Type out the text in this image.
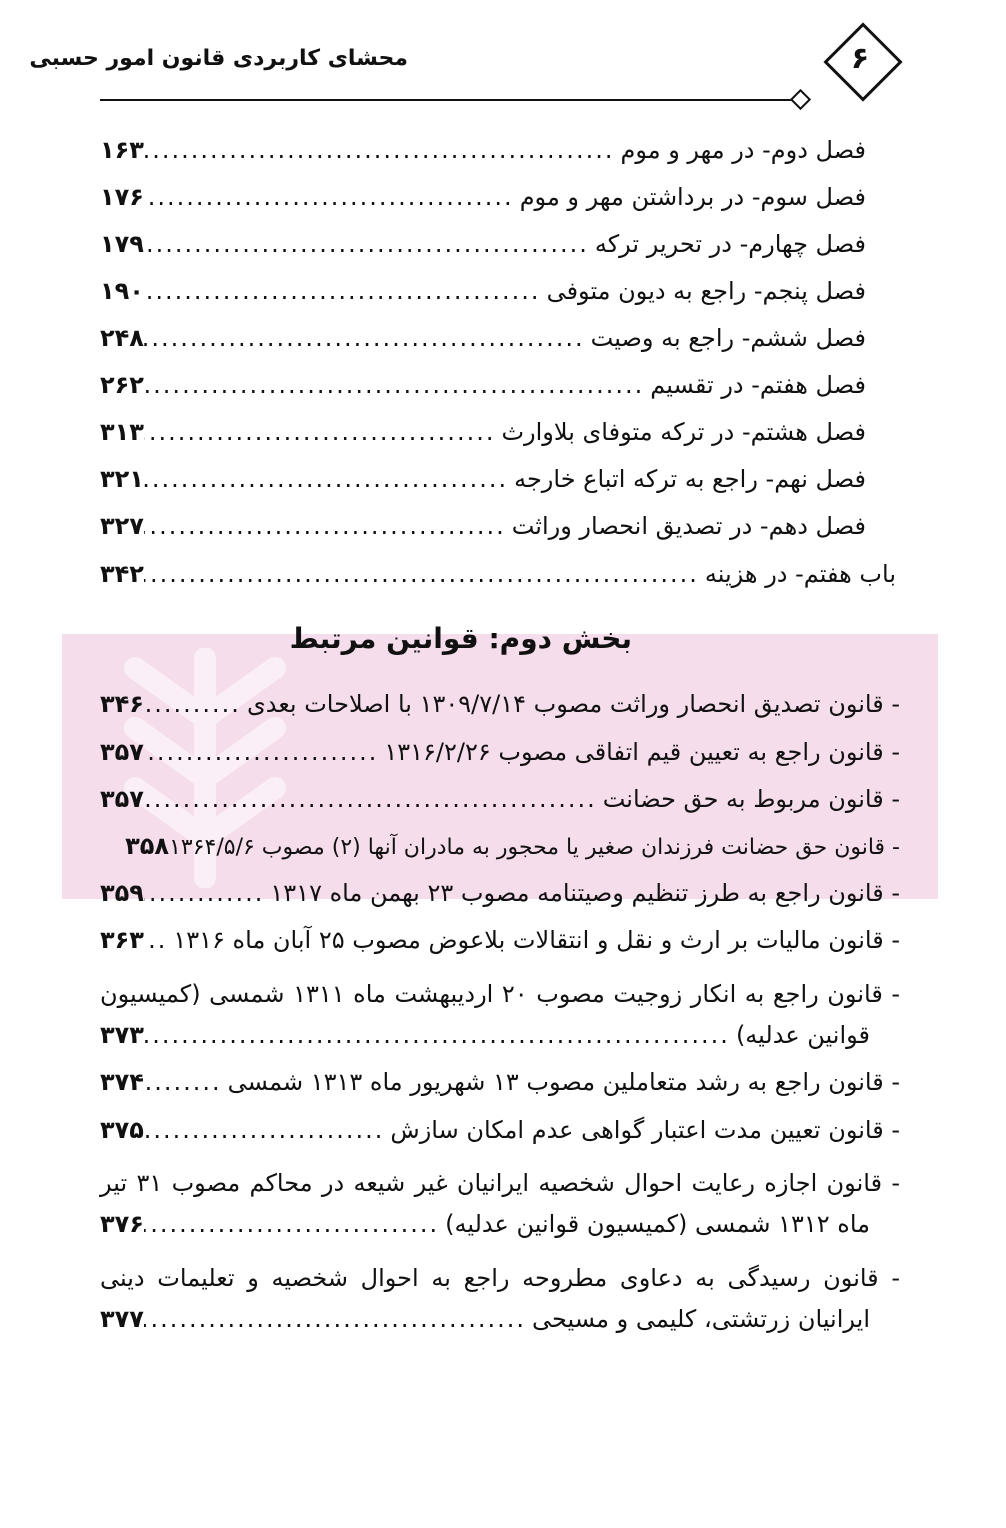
۶
محشای کاربردی قانون امور حسبی
فصل دوم- در مهر و موم
.....
۱۶۳
فصل سوم- در برداشتن مهر و موم
.....
۱۷۶
فصل چهارم- در تحریر ترکه
.....
۱۷۹
فصل پنجم- راجع به دیون متوفی
.....
۱۹۰
فصل ششم- راجع به وصیت
.....
۲۴۸
فصل هفتم- در تقسیم
.....
۲۶۲
فصل هشتم- در ترکه متوفای بلاوارث
.....
۳۱۳
فصل نهم- راجع به ترکه اتباع خارجه
.....
۳۲۱
فصل دهم- در تصدیق انحصار وراثت
.....
۳۲۷
باب هفتم- در هزینه
.....
۳۴۲
بخش دوم: قوانین مرتبط
- قانون تصدیق انحصار وراثت مصوب ۱۳۰۹/۷/۱۴ با اصلاحات بعدی
.....
۳۴۶
- قانون راجع به تعیین قیم اتفاقی مصوب ۱۳۱۶/۲/۲۶
.....
۳۵۷
- قانون مربوط به حق حضانت
.....
۳۵۷
- قانون حق حضانت فرزندان صغیر یا محجور به مادران آنها (۲) مصوب ۱۳۶۴/۵/۶
۳۵۸
- قانون راجع به طرز تنظیم وصیتنامه مصوب ۲۳ بهمن ماه ۱۳۱۷
.....
۳۵۹
- قانون مالیات بر ارث و نقل و انتقالات بلاعوض مصوب ۲۵ آبان ماه ۱۳۱۶
.....
۳۶۳
- قانون راجع به انکار زوجیت مصوب ۲۰ اردیبهشت ماه ۱۳۱۱ شمسی (کمیسیون
قوانین عدلیه)
.....
۳۷۳
- قانون راجع به رشد متعاملین مصوب ۱۳ شهریور ماه ۱۳۱۳ شمسی
.....
۳۷۴
- قانون تعیین مدت اعتبار گواهی عدم امکان سازش
.....
۳۷۵
- قانون اجازه رعایت احوال شخصیه ایرانیان غیر شیعه در محاکم مصوب ۳۱ تیر
ماه ۱۳۱۲ شمسی (کمیسیون قوانین عدلیه)
.....
۳۷۶
- قانون رسیدگی به دعاوی مطروحه راجع به احوال شخصیه و تعلیمات دینی
ایرانیان زرتشتی، کلیمی و مسیحی
.....
۳۷۷
